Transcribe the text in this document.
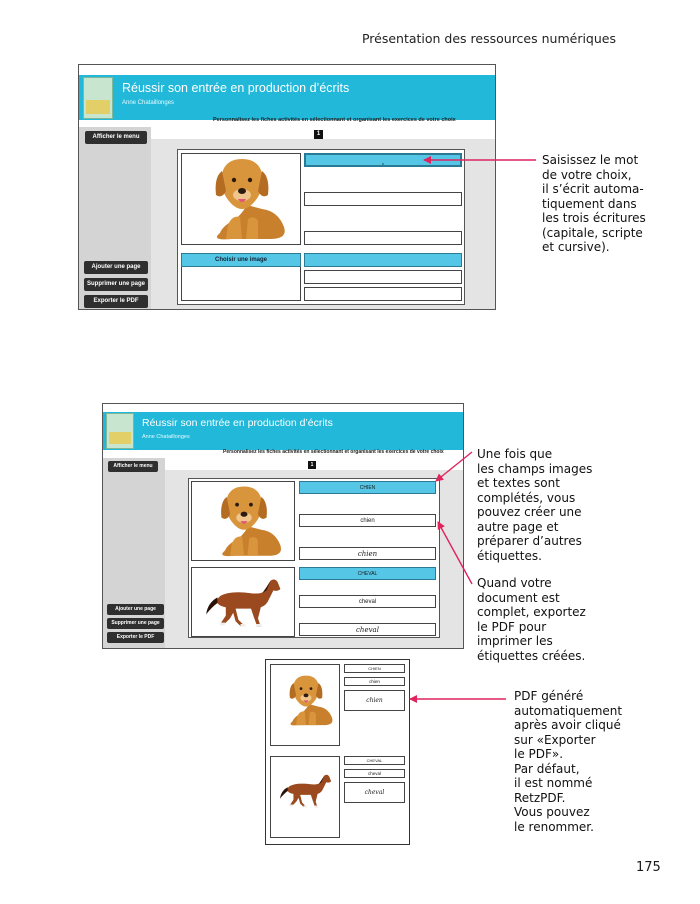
Présentation des ressources numériques
Réussir son entrée en production d’écrits
Anne Chataillonges
Personnalisez les fiches activités en sélectionnant et organisant les exercices de votre choix
Afficher le menu	1
Ajouter une page
Supprimer une page
Exporter le PDF
I
Choisir une image
Réussir son entrée en production d’écrits
Anne Chataillonges
Personnalisez les fiches activités en sélectionnant et organisant les exercices de votre choix
Afficher le menu	1
Ajouter une page
Supprimer une page
Exporter le PDF
CHIEN
chien
chien
CHEVAL
cheval
cheval
CHIEN
chien
chien
CHEVAL
cheval
cheval
Saisissez le mot
de votre choix,
il s’écrit automa-
tiquement dans
les trois écritures
(capitale, scripte
et cursive).
Une fois que
les champs images
et textes sont
complétés, vous
pouvez créer une
autre page et
préparer d’autres
étiquettes.
Quand votre
document est
complet, exportez
le PDF pour
imprimer les
étiquettes créées.
PDF généré
automatiquement
après avoir cliqué
sur «Exporter
le PDF».
Par défaut,
il est nommé
RetzPDF.
Vous pouvez
le renommer.
175
